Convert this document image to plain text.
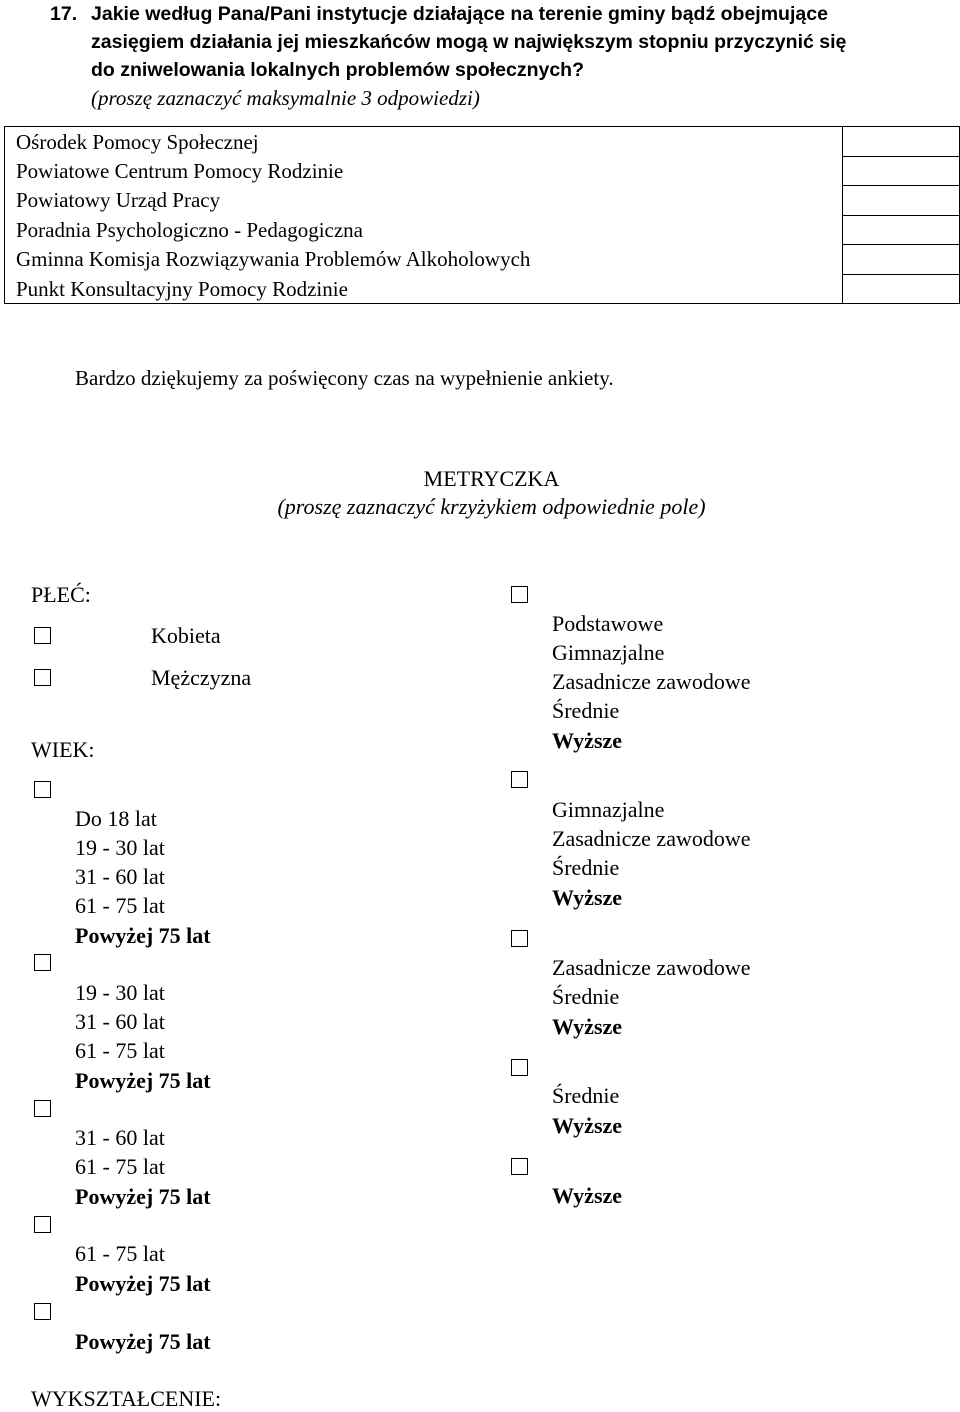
17. Jakie według Pana/Pani instytucje działające na terenie gminy bądź obejmujące
zasięgiem działania jej mieszkańców mogą w największym stopniu przyczynić się
do zniwelowania lokalnych problemów społecznych?
(proszę zaznaczyć maksymalnie 3 odpowiedzi)
Ośrodek Pomocy Społecznej	
Powiatowe Centrum Pomocy Rodzinie	
Powiatowy Urząd Pracy	
Poradnia Psychologiczno - Pedagogiczna	
Gminna Komisja Rozwiązywania Problemów Alkoholowych	
Punkt Konsultacyjny Pomocy Rodzinie	
Bardzo dziękujemy za poświęcony czas na wypełnienie ankiety.
METRYCZKA
(proszę zaznaczyć krzyżykiem odpowiednie pole)
PŁEĆ:
Kobieta
Mężczyzna
WIEK:
Do 18 lat
19 - 30 lat
31 - 60 lat
61 - 75 lat
Powyżej 75 lat
19 - 30 lat
31 - 60 lat
61 - 75 lat
Powyżej 75 lat
31 - 60 lat
61 - 75 lat
Powyżej 75 lat
61 - 75 lat
Powyżej 75 lat
Powyżej 75 lat
WYKSZTAŁCENIE:
Podstawowe
Gimnazjalne
Zasadnicze zawodowe
Średnie
Wyższe
Gimnazjalne
Zasadnicze zawodowe
Średnie
Wyższe
Zasadnicze zawodowe
Średnie
Wyższe
Średnie
Wyższe
Wyższe
